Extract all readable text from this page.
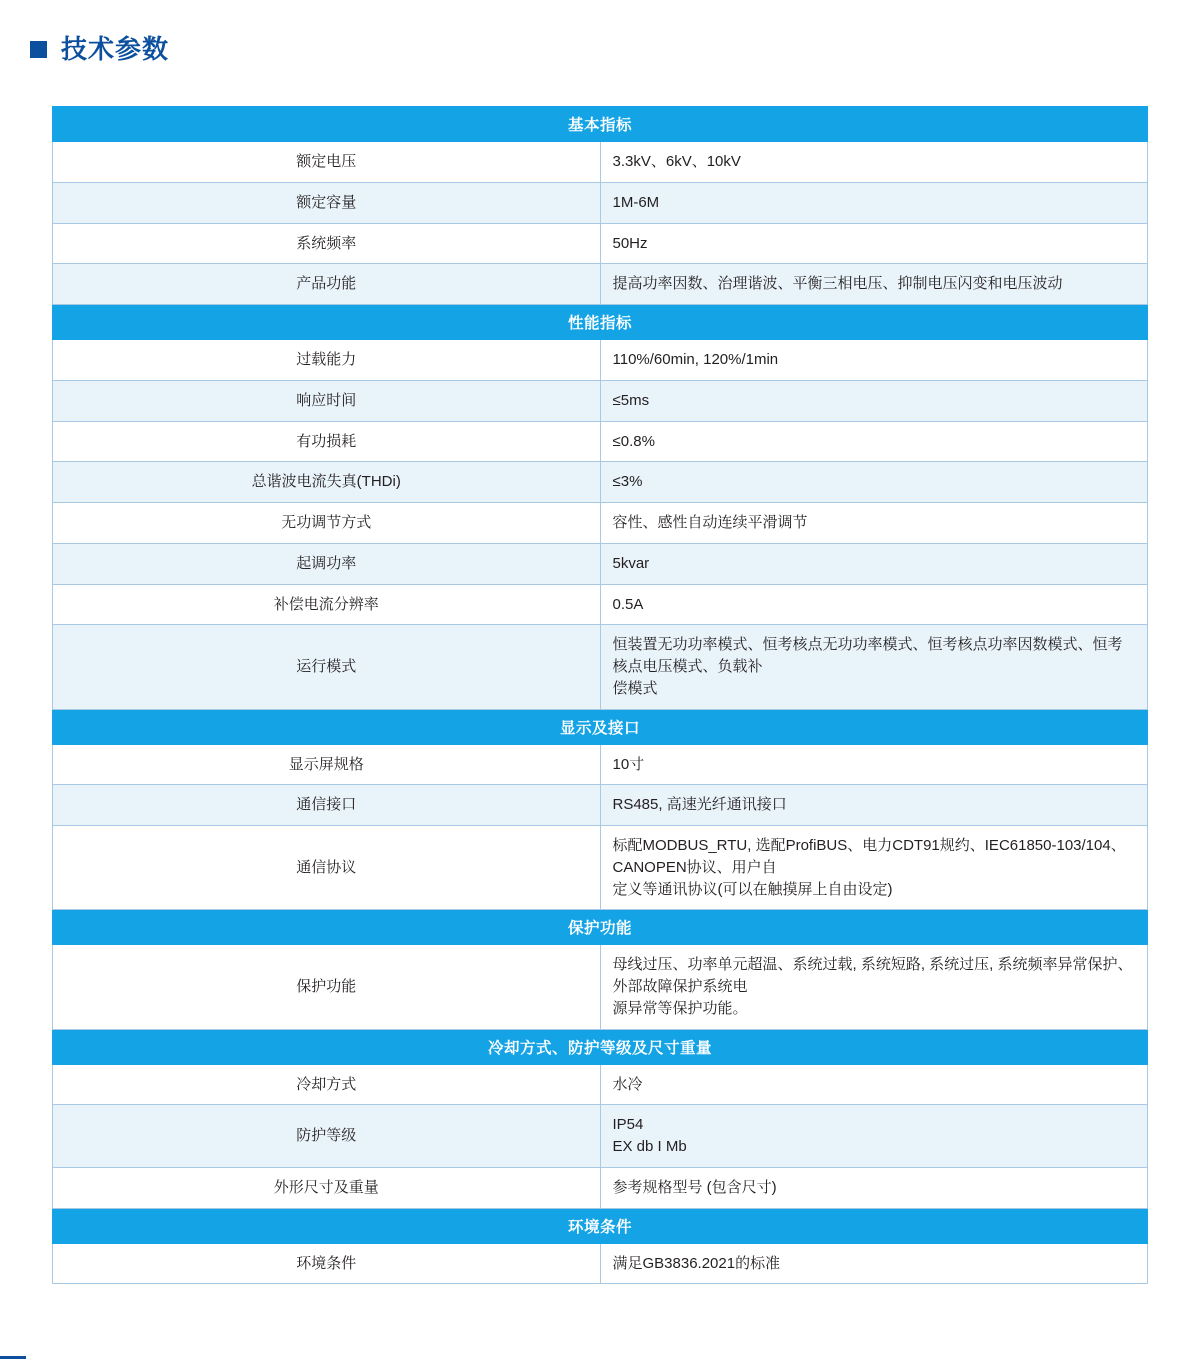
技术参数
基本指标	
额定电压	3.3kV、6kV、10kV

额定容量	1M-6M

系统频率	50Hz

产品功能	提高功率因数、治理谐波、平衡三相电压、抑制电压闪变和电压波动

性能指标	
过载能力	110%/60min, 120%/1min

响应时间	≤5ms

有功损耗	≤0.8%

总谐波电流失真(THDi)	≤3%

无功调节方式	容性、感性自动连续平滑调节

起调功率	5kvar

补偿电流分辨率	0.5A

运行模式	恒装置无功功率模式、恒考核点无功功率模式、恒考核点功率因数模式、恒考核点电压模式、负载补
偿模式

显示及接口	
显示屏规格	10寸

通信接口	RS485, 高速光纤通讯接口

通信协议	标配MODBUS_RTU, 选配ProfiBUS、电力CDT91规约、IEC61850-103/104、CANOPEN协议、用户自
定义等通讯协议(可以在触摸屏上自由设定)

保护功能	
保护功能	母线过压、功率单元超温、系统过载, 系统短路, 系统过压, 系统频率异常保护、外部故障保护系统电
源异常等保护功能。

冷却方式、防护等级及尺寸重量	
冷却方式	水冷

防护等级	IP54
EX db I Mb

外形尺寸及重量	参考规格型号 (包含尺寸)

环境条件	
环境条件	满足GB3836.2021的标准
